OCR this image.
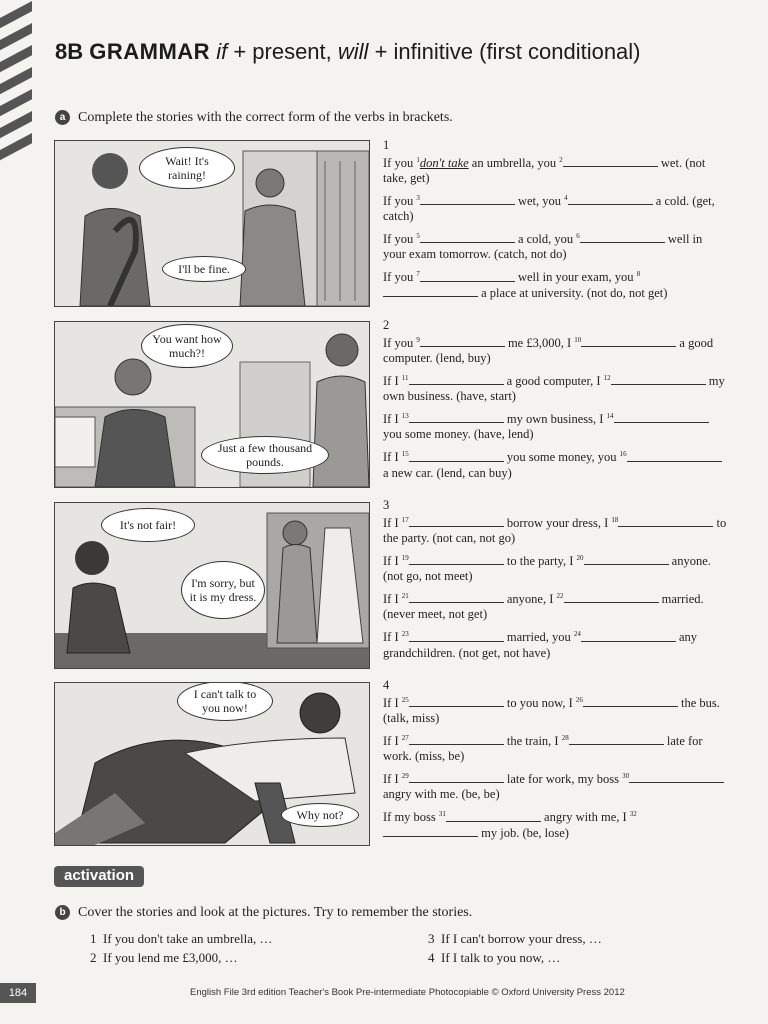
8B GRAMMAR if + present, will + infinitive (first conditional)
a Complete the stories with the correct form of the verbs in brackets.
Wait! It's raining!
I'll be fine.
You want how much?!
Just a few thousand pounds.
It's not fair!
I'm sorry, but it is my dress.
I can't talk to you now!
Why not?
1

If you $^1$don't take an umbrella, you $^2$	wet. (not take, get)

If you $^3$	wet, you $^4$	a cold. (get, catch)

If you $^5$	a cold, you $^6$	well in your exam tomorrow. (catch, not do)

If you $^7$	well in your exam, you $^8$ a place at university. (not do, not get)

2

If you $^9$	me £3,000, I $^{10}$	a good computer. (lend, buy)

If I $^{11}$	a good computer, I $^{12}$	my own business. (have, start)

If I $^{13}$	my own business, I $^{14}$ you some money. (have, lend)

If I $^{15}$	you some money, you $^{16}$ a new car. (lend, can buy)

3

If I $^{17}$	borrow your dress, I $^{18}$	to the party. (not can, not go)

If I $^{19}$	to the party, I $^{20}$	anyone. (not go, not meet)

If I $^{21}$	anyone, I $^{22}$	married. (never meet, not get)

If I $^{23}$	married, you $^{24}$	any grandchildren. (not get, not have)

4

If I $^{25}$	to you now, I $^{26}$	the bus. (talk, miss)

If I $^{27}$	the train, I $^{28}$	late for work. (miss, be)

If I $^{29}$	late for work, my boss $^{30}$ angry with me. (be, be)

If my boss $^{31}$	angry with me, I $^{32}$ my job. (be, lose)

activation
b Cover the stories and look at the pictures. Try to remember the stories.
1 If you don't take an umbrella, …
2 If you lend me £3,000, …
3 If I can't borrow your dress, …
4 If I talk to you now, …
184	English File 3rd edition Teacher's Book Pre-intermediate Photocopiable © Oxford University Press 2012
